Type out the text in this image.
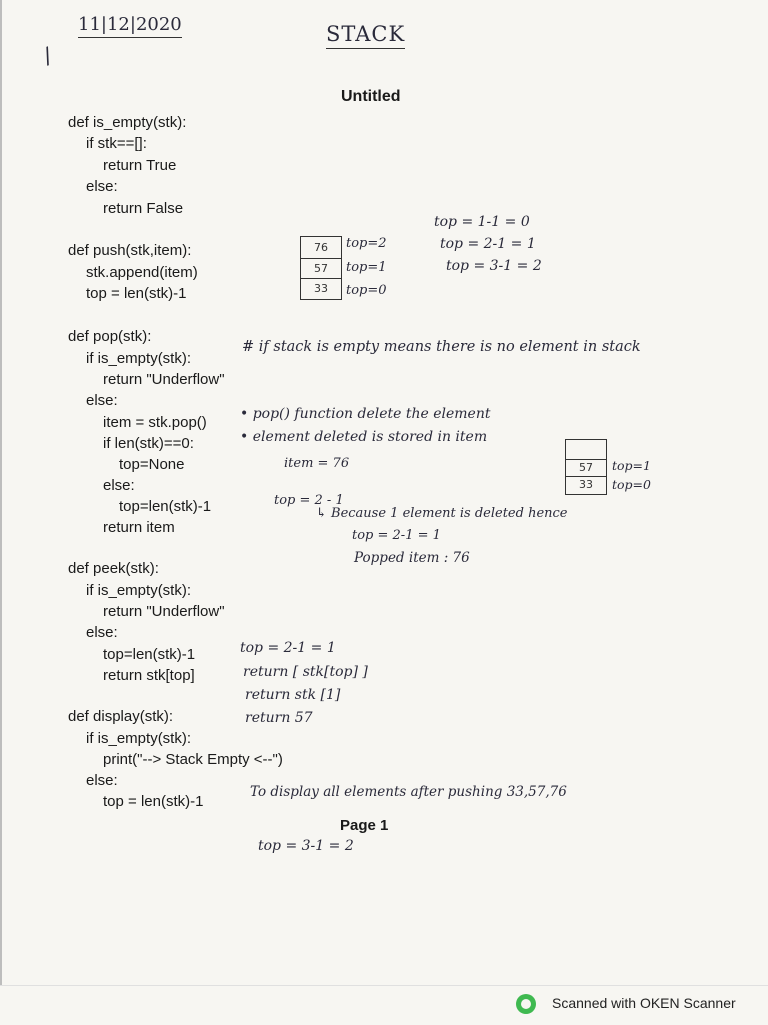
11|12|2020
/
STACK
Untitled
def is_empty(stk):
if stk==[]:
return True
else:
return False
def push(stk,item):
stk.append(item)
top = len(stk)-1
def pop(stk):
if is_empty(stk):
return "Underflow"
else:
item = stk.pop()
if len(stk)==0:
top=None
else:
top=len(stk)-1
return item
def peek(stk):
if is_empty(stk):
return "Underflow"
else:
top=len(stk)-1
return stk[top]
def display(stk):
if is_empty(stk):
print("--> Stack Empty <--")
else:
top = len(stk)-1
Page 1
76
57
33
top=2
top=1
top=0
top = 1-1 = 0
top = 2-1 = 1
top = 3-1 = 2
# if stack is empty means there is no element in stack
• pop() function delete the element
• element deleted is stored in item
item = 76
top = 2 - 1
↳ Because 1 element is deleted hence
top = 2-1 = 1
Popped item : 76
57
33
top=1
top=0
top = 2-1 = 1
return [ stk[top] ]
return stk [1]
return 57
To display all elements after pushing 33,57,76
top = 3-1 = 2
Scanned with OKEN Scanner
